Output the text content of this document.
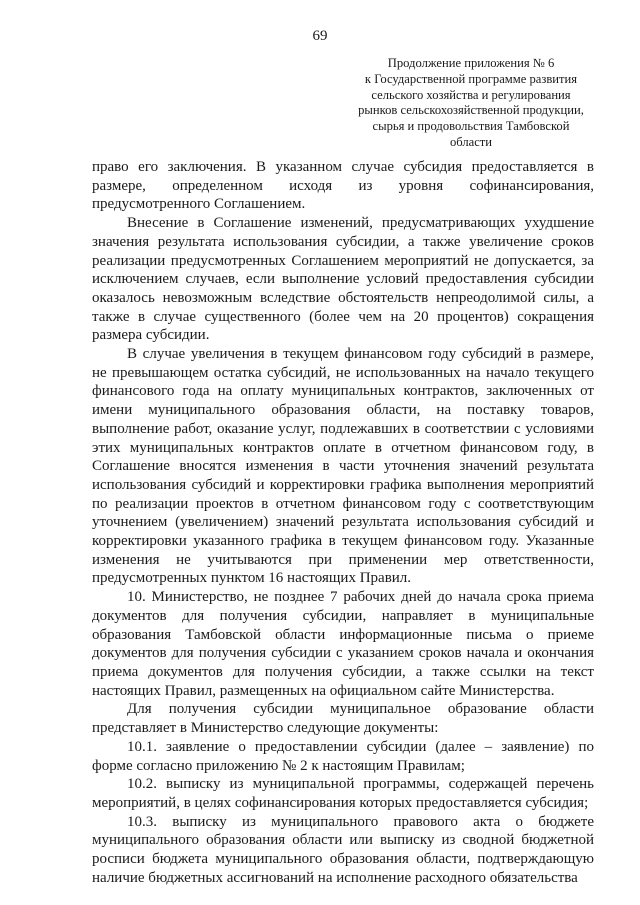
69
Продолжение приложения № 6
к Государственной программе развития
сельского хозяйства и регулирования
рынков сельскохозяйственной продукции,
сырья и продовольствия Тамбовской
области

право его заключения. В указанном случае субсидия предоставляется в размере, определенном исходя из уровня софинансирования, предусмотренного Соглашением.

Внесение в Соглашение изменений, предусматривающих ухудшение значения результата использования субсидии, а также увеличение сроков реализации предусмотренных Соглашением мероприятий не допускается, за исключением случаев, если выполнение условий предоставления субсидии оказалось невозможным вследствие обстоятельств непреодолимой силы, а также в случае существенного (более чем на 20 процентов) сокращения размера субсидии.

В случае увеличения в текущем финансовом году субсидий в размере, не превышающем остатка субсидий, не использованных на начало текущего финансового года на оплату муниципальных контрактов, заключенных от имени муниципального образования области, на поставку товаров, выполнение работ, оказание услуг, подлежавших в соответствии с условиями этих муниципальных контрактов оплате в отчетном финансовом году, в Соглашение вносятся изменения в части уточнения значений результата использования субсидий и корректировки графика выполнения мероприятий по реализации проектов в отчетном финансовом году с соответствующим уточнением (увеличением) значений результата использования субсидий и корректировки указанного графика в текущем финансовом году. Указанные изменения не учитываются при применении мер ответственности, предусмотренных пунктом 16 настоящих Правил.

10. Министерство, не позднее 7 рабочих дней до начала срока приема документов для получения субсидии, направляет в муниципальные образования Тамбовской области информационные письма о приеме документов для получения субсидии с указанием сроков начала и окончания приема документов для получения субсидии, а также ссылки на текст настоящих Правил, размещенных на официальном сайте Министерства.

Для получения субсидии муниципальное образование области представляет в Министерство следующие документы:

10.1. заявление о предоставлении субсидии (далее – заявление) по форме согласно приложению № 2 к настоящим Правилам;

10.2. выписку из муниципальной программы, содержащей перечень мероприятий, в целях софинансирования которых предоставляется субсидия;

10.3. выписку из муниципального правового акта о бюджете муниципального образования области или выписку из сводной бюджетной росписи бюджета муниципального образования области, подтверждающую наличие бюджетных ассигнований на исполнение расходного обязательства
